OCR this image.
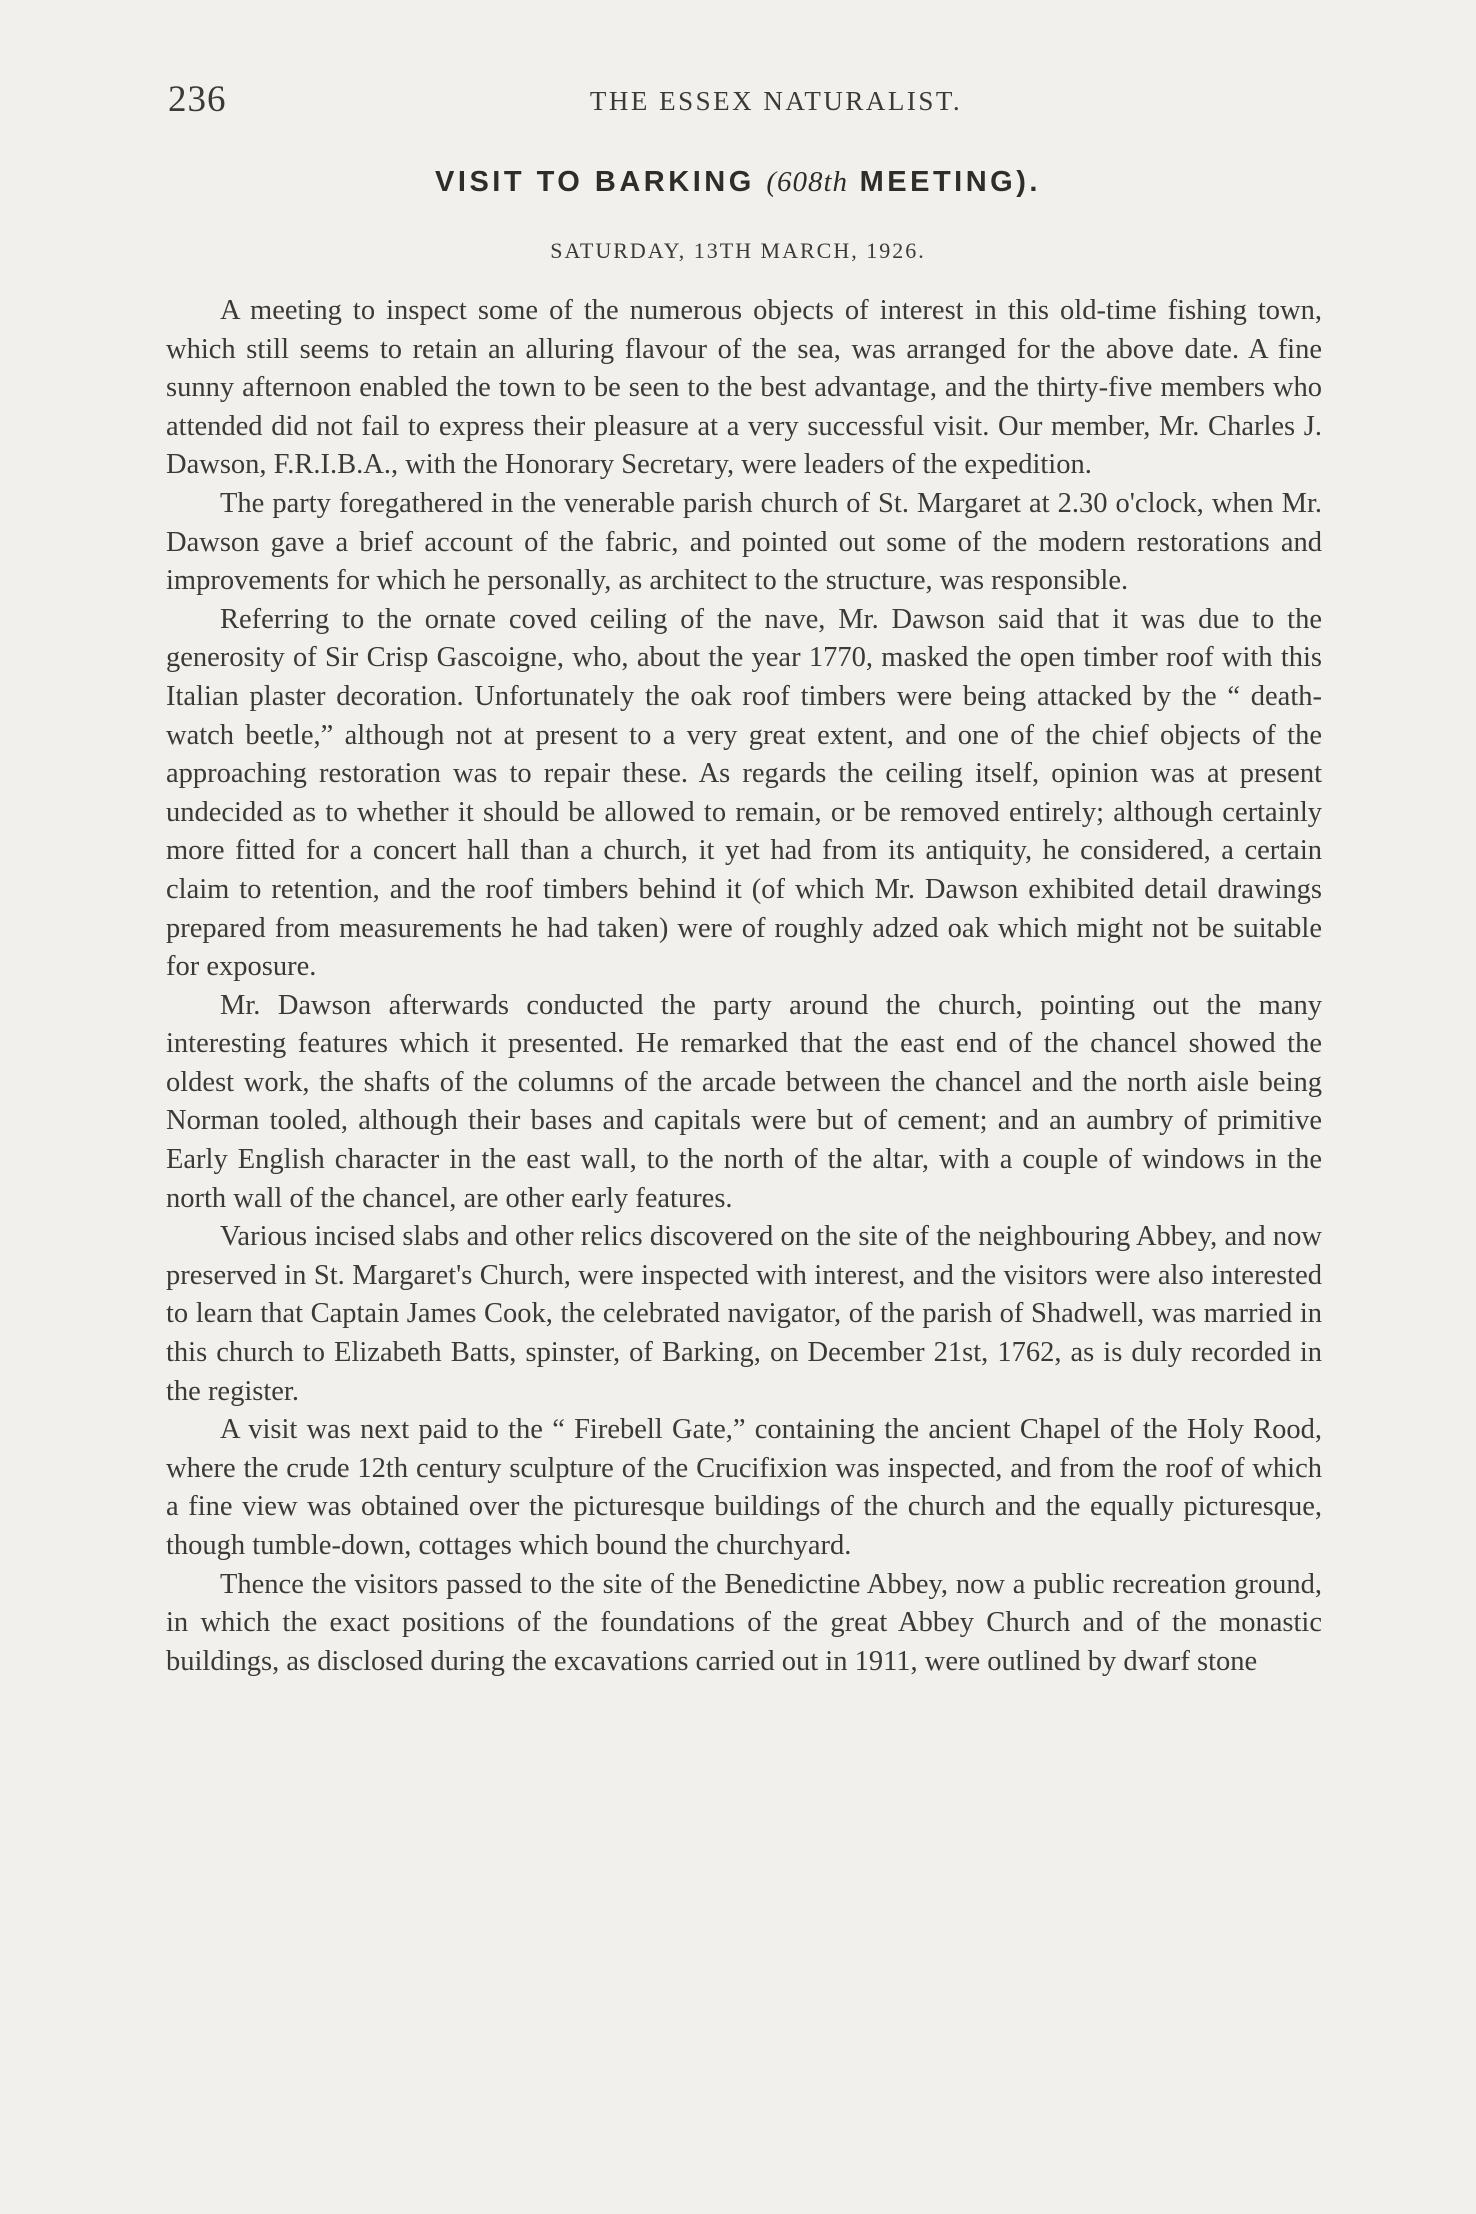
236	THE ESSEX NATURALIST.
VISIT TO BARKING (608th MEETING).
SATURDAY, 13TH MARCH, 1926.

A meeting to inspect some of the numerous objects of interest in this old-time fishing town, which still seems to retain an alluring flavour of the sea, was arranged for the above date. A fine sunny afternoon enabled the town to be seen to the best advantage, and the thirty-five members who attended did not fail to express their pleasure at a very successful visit. Our member, Mr. Charles J. Dawson, F.R.I.B.A., with the Honorary Secretary, were leaders of the expedition.

The party foregathered in the venerable parish church of St. Margaret at 2.30 o'clock, when Mr. Dawson gave a brief account of the fabric, and pointed out some of the modern restorations and improvements for which he personally, as architect to the structure, was responsible.

Referring to the ornate coved ceiling of the nave, Mr. Dawson said that it was due to the generosity of Sir Crisp Gascoigne, who, about the year 1770, masked the open timber roof with this Italian plaster decoration. Unfortunately the oak roof timbers were being attacked by the “ death-watch beetle,” although not at present to a very great extent, and one of the chief objects of the approaching restoration was to repair these. As regards the ceiling itself, opinion was at present undecided as to whether it should be allowed to remain, or be removed entirely; although certainly more fitted for a concert hall than a church, it yet had from its antiquity, he considered, a certain claim to retention, and the roof timbers behind it (of which Mr. Dawson exhibited detail drawings prepared from measurements he had taken) were of roughly adzed oak which might not be suitable for exposure.

Mr. Dawson afterwards conducted the party around the church, pointing out the many interesting features which it presented. He remarked that the east end of the chancel showed the oldest work, the shafts of the columns of the arcade between the chancel and the north aisle being Norman tooled, although their bases and capitals were but of cement; and an aumbry of primitive Early English character in the east wall, to the north of the altar, with a couple of windows in the north wall of the chancel, are other early features.

Various incised slabs and other relics discovered on the site of the neighbouring Abbey, and now preserved in St. Margaret's Church, were inspected with interest, and the visitors were also interested to learn that Captain James Cook, the celebrated navigator, of the parish of Shadwell, was married in this church to Elizabeth Batts, spinster, of Barking, on December 21st, 1762, as is duly recorded in the register.

A visit was next paid to the “ Firebell Gate,” containing the ancient Chapel of the Holy Rood, where the crude 12th century sculpture of the Crucifixion was inspected, and from the roof of which a fine view was obtained over the picturesque buildings of the church and the equally picturesque, though tumble-down, cottages which bound the churchyard.

Thence the visitors passed to the site of the Benedictine Abbey, now a public recreation ground, in which the exact positions of the foundations of the great Abbey Church and of the monastic buildings, as disclosed during the excavations carried out in 1911, were outlined by dwarf stone
